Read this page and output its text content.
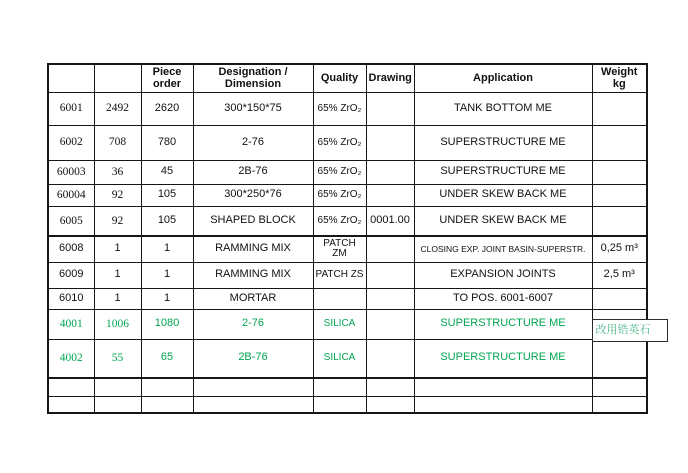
		Piece order	Designation / Dimension	Quality	Drawing	Application	Weight kg
6001	2492	2620	300*150*75	65% ZrO₂		TANK BOTTOM ME	
6002	708	780	2-76	65% ZrO₂		SUPERSTRUCTURE ME	
60003	36	45	2B-76	65% ZrO₂		SUPERSTRUCTURE ME	
60004	92	105	300*250*76	65% ZrO₂		UNDER SKEW BACK ME	
6005	92	105	SHAPED BLOCK	65% ZrO₂	0001.00	UNDER SKEW BACK ME	
6008	1	1	RAMMING MIX	PATCH ZM		CLOSING EXP. JOINT BASIN-SUPERSTR.	0,25 m³
6009	1	1	RAMMING MIX	PATCH ZS		EXPANSION JOINTS	2,5 m³
6010	1	1	MORTAR			TO POS. 6001-6007	
4001	1006	1080	2-76	SILICA		SUPERSTRUCTURE ME	改用锆英石

4002	55	65	2B-76	SILICA		SUPERSTRUCTURE ME	
